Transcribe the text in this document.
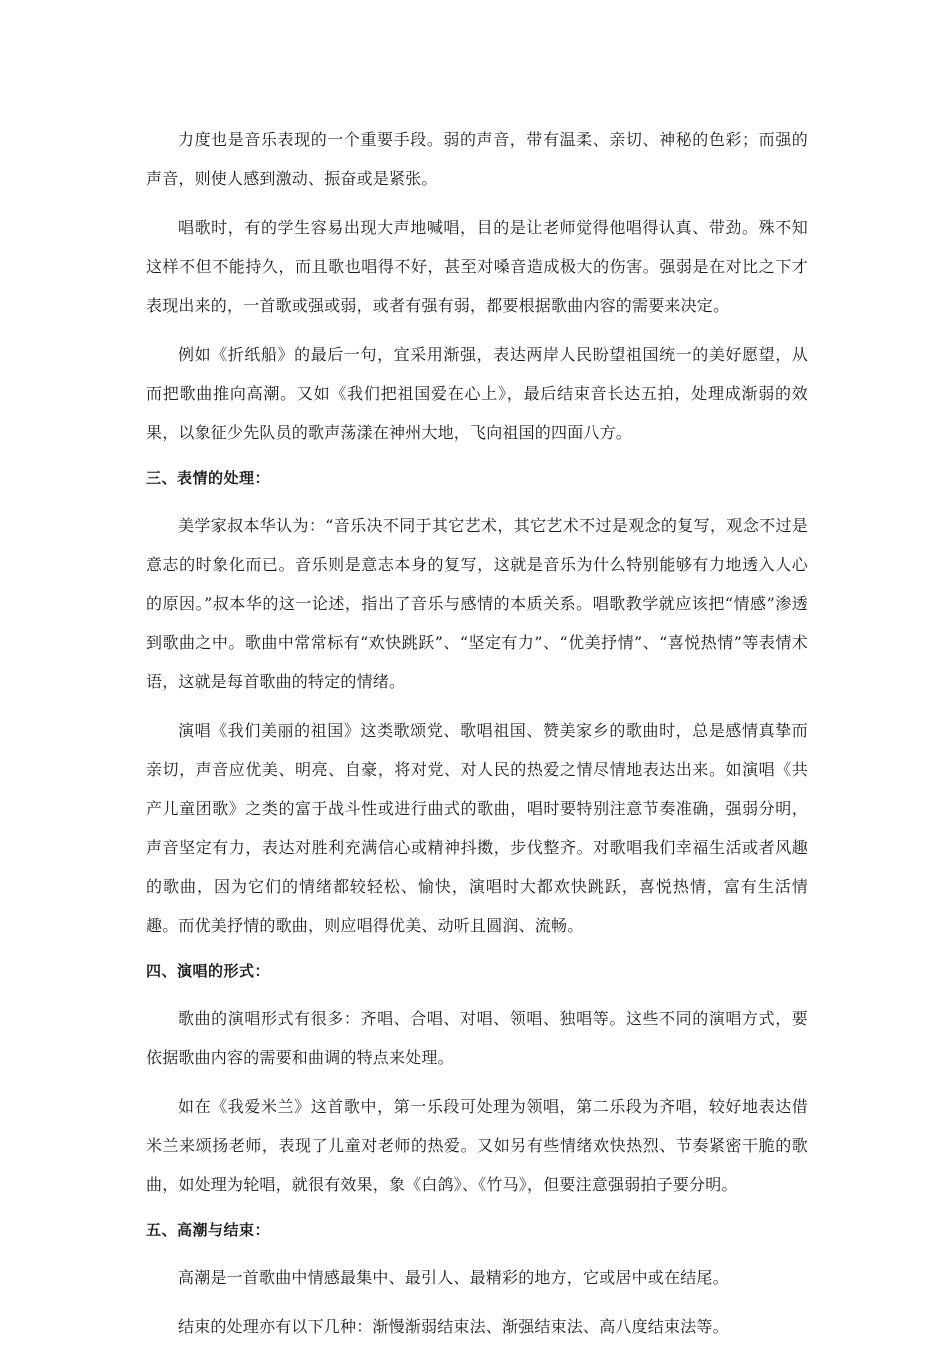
力度也是音乐表现的一个重要手段。弱的声音，带有温柔、亲切、神秘的色彩；而强的声音，则使人感到激动、振奋或是紧张。

唱歌时，有的学生容易出现大声地喊唱，目的是让老师觉得他唱得认真、带劲。殊不知这样不但不能持久，而且歌也唱得不好，甚至对嗓音造成极大的伤害。强弱是在对比之下才表现出来的，一首歌或强或弱，或者有强有弱，都要根据歌曲内容的需要来决定。

例如《折纸船》的最后一句，宜采用渐强，表达两岸人民盼望祖国统一的美好愿望，从而把歌曲推向高潮。又如《我们把祖国爱在心上》，最后结束音长达五拍，处理成渐弱的效果，以象征少先队员的歌声荡漾在神州大地，飞向祖国的四面八方。

三、表情的处理：

美学家叔本华认为：“音乐决不同于其它艺术，其它艺术不过是观念的复写，观念不过是意志的时象化而已。音乐则是意志本身的复写，这就是音乐为什么特别能够有力地透入人心的原因。”叔本华的这一论述，指出了音乐与感情的本质关系。唱歌教学就应该把“情感”渗透到歌曲之中。歌曲中常常标有“欢快跳跃”、“坚定有力”、“优美抒情”、“喜悦热情”等表情术语，这就是每首歌曲的特定的情绪。

演唱《我们美丽的祖国》这类歌颂党、歌唱祖国、赞美家乡的歌曲时，总是感情真挚而亲切，声音应优美、明亮、自豪，将对党、对人民的热爱之情尽情地表达出来。如演唱《共产儿童团歌》之类的富于战斗性或进行曲式的歌曲，唱时要特别注意节奏准确，强弱分明，声音坚定有力，表达对胜利充满信心或精神抖擞，步伐整齐。对歌唱我们幸福生活或者风趣的歌曲，因为它们的情绪都较轻松、愉快，演唱时大都欢快跳跃，喜悦热情，富有生活情趣。而优美抒情的歌曲，则应唱得优美、动听且圆润、流畅。

四、演唱的形式：

歌曲的演唱形式有很多：齐唱、合唱、对唱、领唱、独唱等。这些不同的演唱方式，要依据歌曲内容的需要和曲调的特点来处理。

如在《我爱米兰》这首歌中，第一乐段可处理为领唱，第二乐段为齐唱，较好地表达借米兰来颂扬老师，表现了儿童对老师的热爱。又如另有些情绪欢快热烈、节奏紧密干脆的歌曲，如处理为轮唱，就很有效果，象《白鸽》、《竹马》，但要注意强弱拍子要分明。

五、高潮与结束：

高潮是一首歌曲中情感最集中、最引人、最精彩的地方，它或居中或在结尾。

结束的处理亦有以下几种：渐慢渐弱结束法、渐强结束法、高八度结束法等。
